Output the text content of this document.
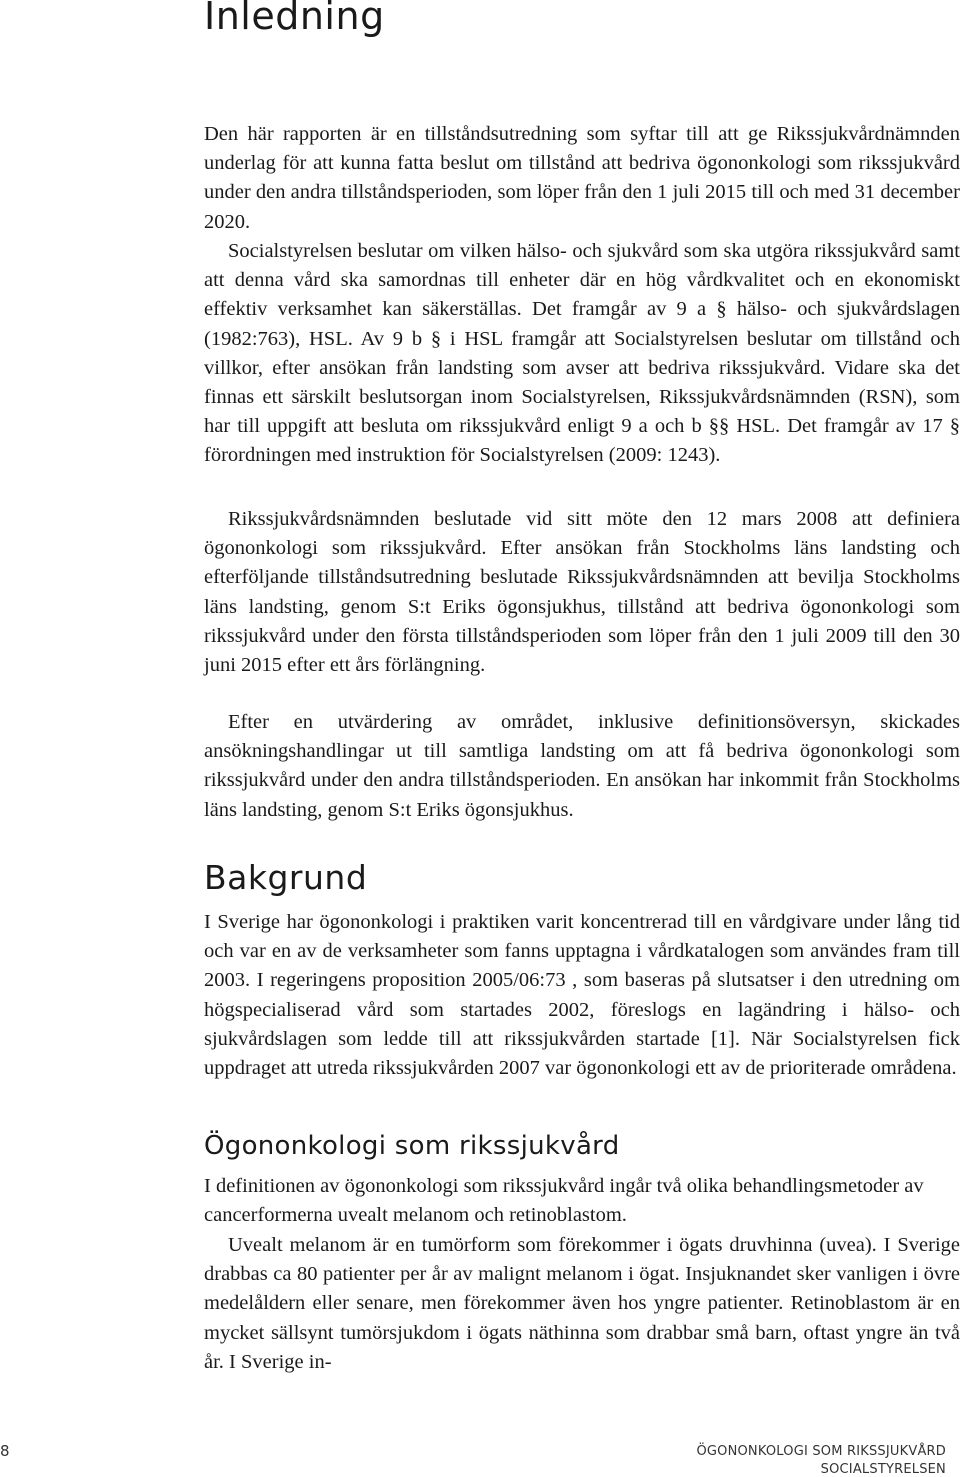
Inledning

Den här rapporten är en tillståndsutredning som syftar till att ge Rikssjukvårdnämnden underlag för att kunna fatta beslut om tillstånd att bedriva ögononkologi som rikssjukvård under den andra tillståndsperioden, som löper från den 1 juli 2015 till och med 31 december 2020.

Socialstyrelsen beslutar om vilken hälso- och sjukvård som ska utgöra rikssjukvård samt att denna vård ska samordnas till enheter där en hög vårdkvalitet och en ekonomiskt effektiv verksamhet kan säkerställas. Det framgår av 9 a § hälso- och sjukvårdslagen (1982:763), HSL. Av 9 b § i HSL framgår att Socialstyrelsen beslutar om tillstånd och villkor, efter ansökan från landsting som avser att bedriva rikssjukvård. Vidare ska det finnas ett särskilt beslutsorgan inom Socialstyrelsen, Rikssjukvårdsnämnden (RSN), som har till uppgift att besluta om rikssjukvård enligt 9 a och b §§ HSL. Det framgår av 17 § förordningen med instruktion för Socialstyrelsen (2009: 1243).

Rikssjukvårdsnämnden beslutade vid sitt möte den 12 mars 2008 att definiera ögononkologi som rikssjukvård. Efter ansökan från Stockholms läns landsting och efterföljande tillståndsutredning beslutade Rikssjukvårdsnämnden att bevilja Stockholms läns landsting, genom S:t Eriks ögonsjukhus, tillstånd att bedriva ögononkologi som rikssjukvård under den första tillståndsperioden som löper från den 1 juli 2009 till den 30 juni 2015 efter ett års förlängning.

Efter en utvärdering av området, inklusive definitionsöversyn, skickades ansökningshandlingar ut till samtliga landsting om att få bedriva ögononkologi som rikssjukvård under den andra tillståndsperioden. En ansökan har inkommit från Stockholms läns landsting, genom S:t Eriks ögonsjukhus.

Bakgrund

I Sverige har ögononkologi i praktiken varit koncentrerad till en vårdgivare under lång tid och var en av de verksamheter som fanns upptagna i vårdkatalogen som användes fram till 2003. I regeringens proposition 2005/06:73 , som baseras på slutsatser i den utredning om högspecialiserad vård som startades 2002, föreslogs en lagändring i hälso- och sjukvårdslagen som ledde till att rikssjukvården startade [1]. När Socialstyrelsen fick uppdraget att utreda rikssjukvården 2007 var ögononkologi ett av de prioriterade områdena.

Ögononkologi som rikssjukvård

I definitionen av ögononkologi som rikssjukvård ingår två olika behandlingsmetoder av cancerformerna uvealt melanom och retinoblastom.

Uvealt melanom är en tumörform som förekommer i ögats druvhinna (uvea). I Sverige drabbas ca 80 patienter per år av malignt melanom i ögat. Insjuknandet sker vanligen i övre medelåldern eller senare, men förekommer även hos yngre patienter. Retinoblastom är en mycket sällsynt tumörsjukdom i ögats näthinna som drabbar små barn, oftast yngre än två år. I Sverige in-

8	ÖGONONKOLOGI SOM RIKSSJUKVÅRD
SOCIALSTYRELSEN
